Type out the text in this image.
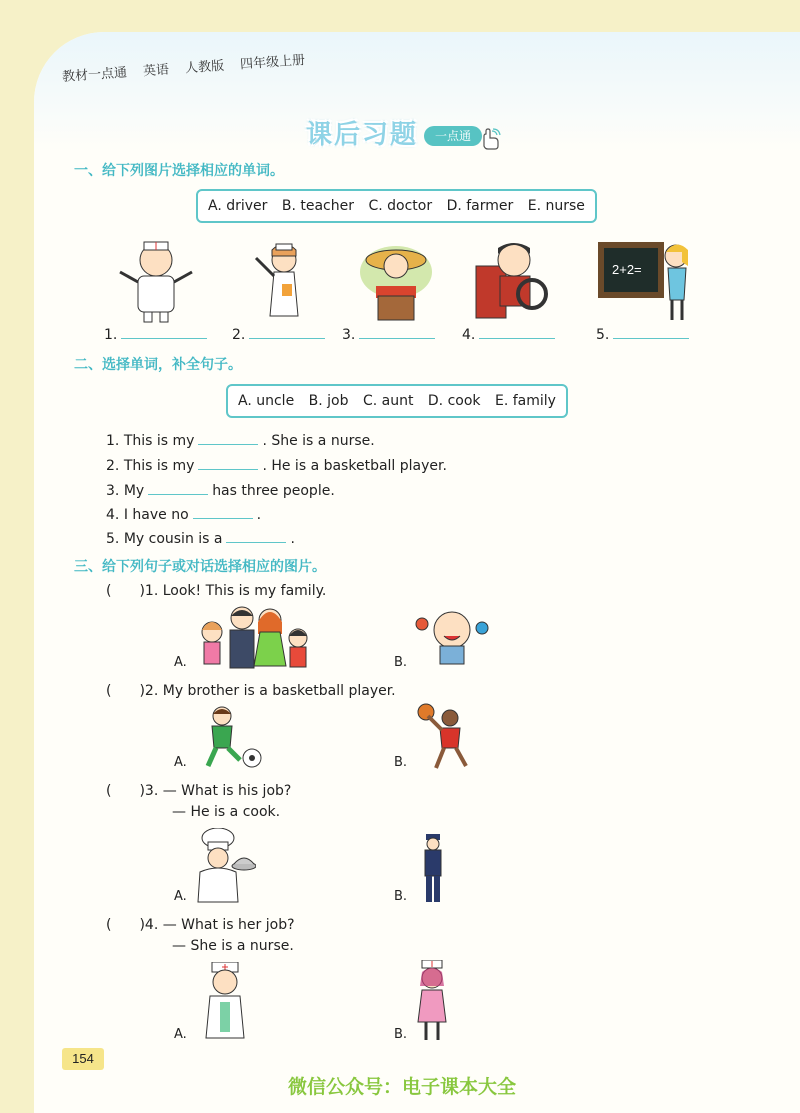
教材一点通 英语 人教版 四年级上册
课后习题	一点通
一、给下列图片选择相应的单词。
A. driver B. teacher C. doctor D. farmer E. nurse
2+2=
1.	2.	3.	4.	5.
二、选择单词，补全句子。
A. uncle B. job C. aunt D. cook E. family
1. This is my	. She is a nurse.
2. This is my	. He is a basketball player.
3. My	has three people.
4. I have no	.
5. My cousin is a	.
三、给下列句子或对话选择相应的图片。
(　　)1. Look! This is my family.
A.	B.
(　　)2. My brother is a basketball player.
A.	B.
(　　)3. — What is his job?
— He is a cook.
A.	B.
(　　)4. — What is her job?
— She is a nurse.
A.	B.
154
微信公众号：电子课本大全
